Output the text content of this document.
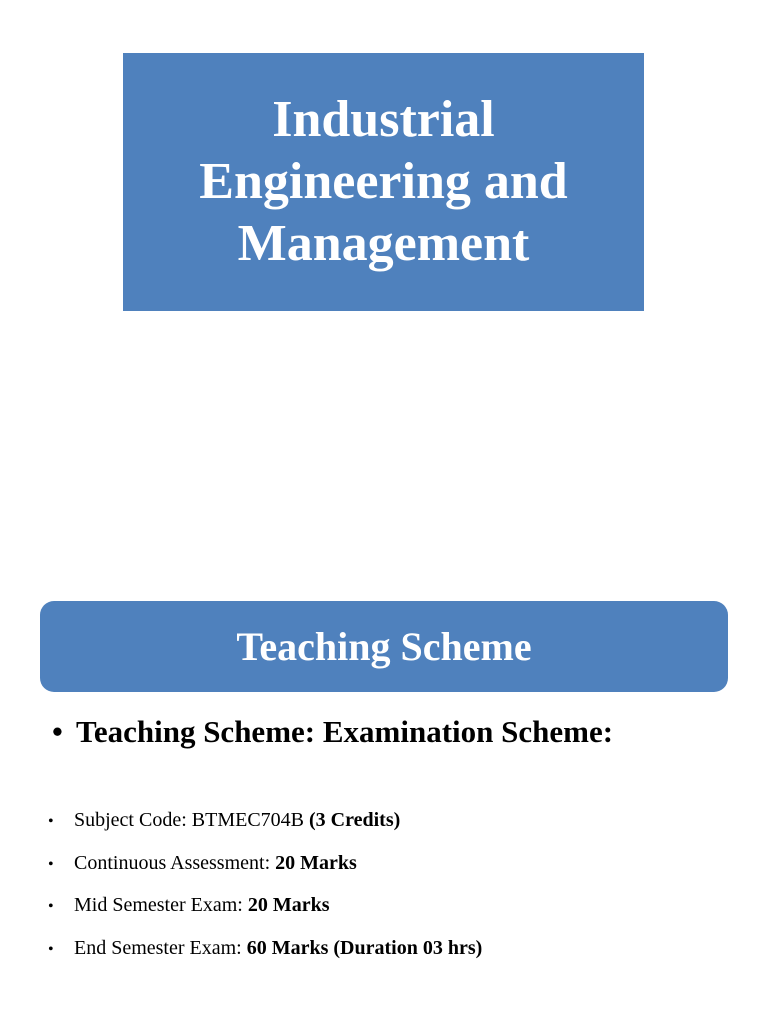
Industrial
Engineering and
Management
Teaching Scheme
• Teaching Scheme: Examination Scheme:
• Subject Code: BTMEC704B (3 Credits)
• Continuous Assessment: 20 Marks
• Mid Semester Exam: 20 Marks
• End Semester Exam: 60 Marks (Duration 03 hrs)
